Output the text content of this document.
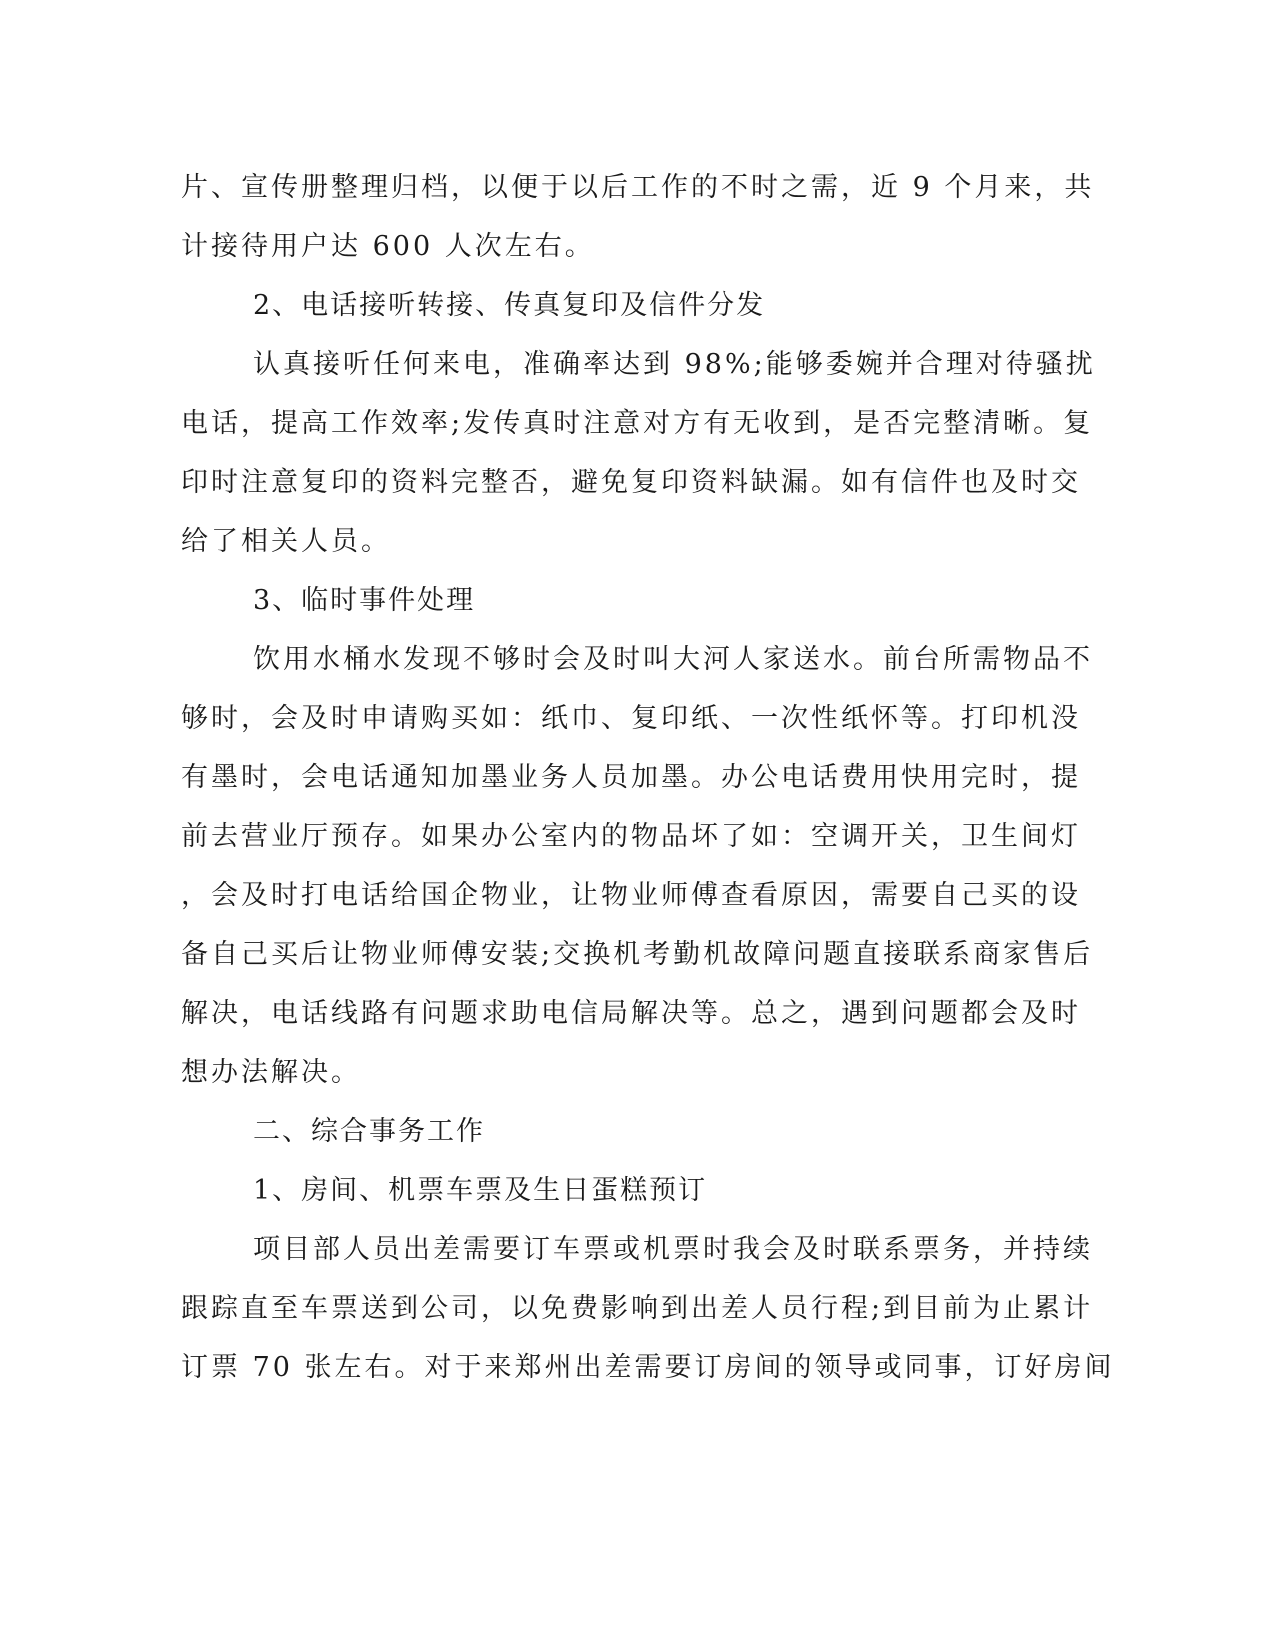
片、宣传册整理归档，以便于以后工作的不时之需，近 9 个月来，共
计接待用户达 600 人次左右。
2、电话接听转接、传真复印及信件分发
认真接听任何来电，准确率达到 98%;能够委婉并合理对待骚扰
电话，提高工作效率;发传真时注意对方有无收到，是否完整清晰。复
印时注意复印的资料完整否，避免复印资料缺漏。如有信件也及时交
给了相关人员。
3、临时事件处理
饮用水桶水发现不够时会及时叫大河人家送水。前台所需物品不
够时，会及时申请购买如：纸巾、复印纸、一次性纸怀等。打印机没
有墨时，会电话通知加墨业务人员加墨。办公电话费用快用完时，提
前去营业厅预存。如果办公室内的物品坏了如：空调开关，卫生间灯
，会及时打电话给国企物业，让物业师傅查看原因，需要自己买的设
备自己买后让物业师傅安装;交换机考勤机故障问题直接联系商家售后
解决，电话线路有问题求助电信局解决等。总之，遇到问题都会及时
想办法解决。
二、综合事务工作
1、房间、机票车票及生日蛋糕预订
项目部人员出差需要订车票或机票时我会及时联系票务，并持续
跟踪直至车票送到公司，以免费影响到出差人员行程;到目前为止累计
订票 70 张左右。对于来郑州出差需要订房间的领导或同事，订好房间
